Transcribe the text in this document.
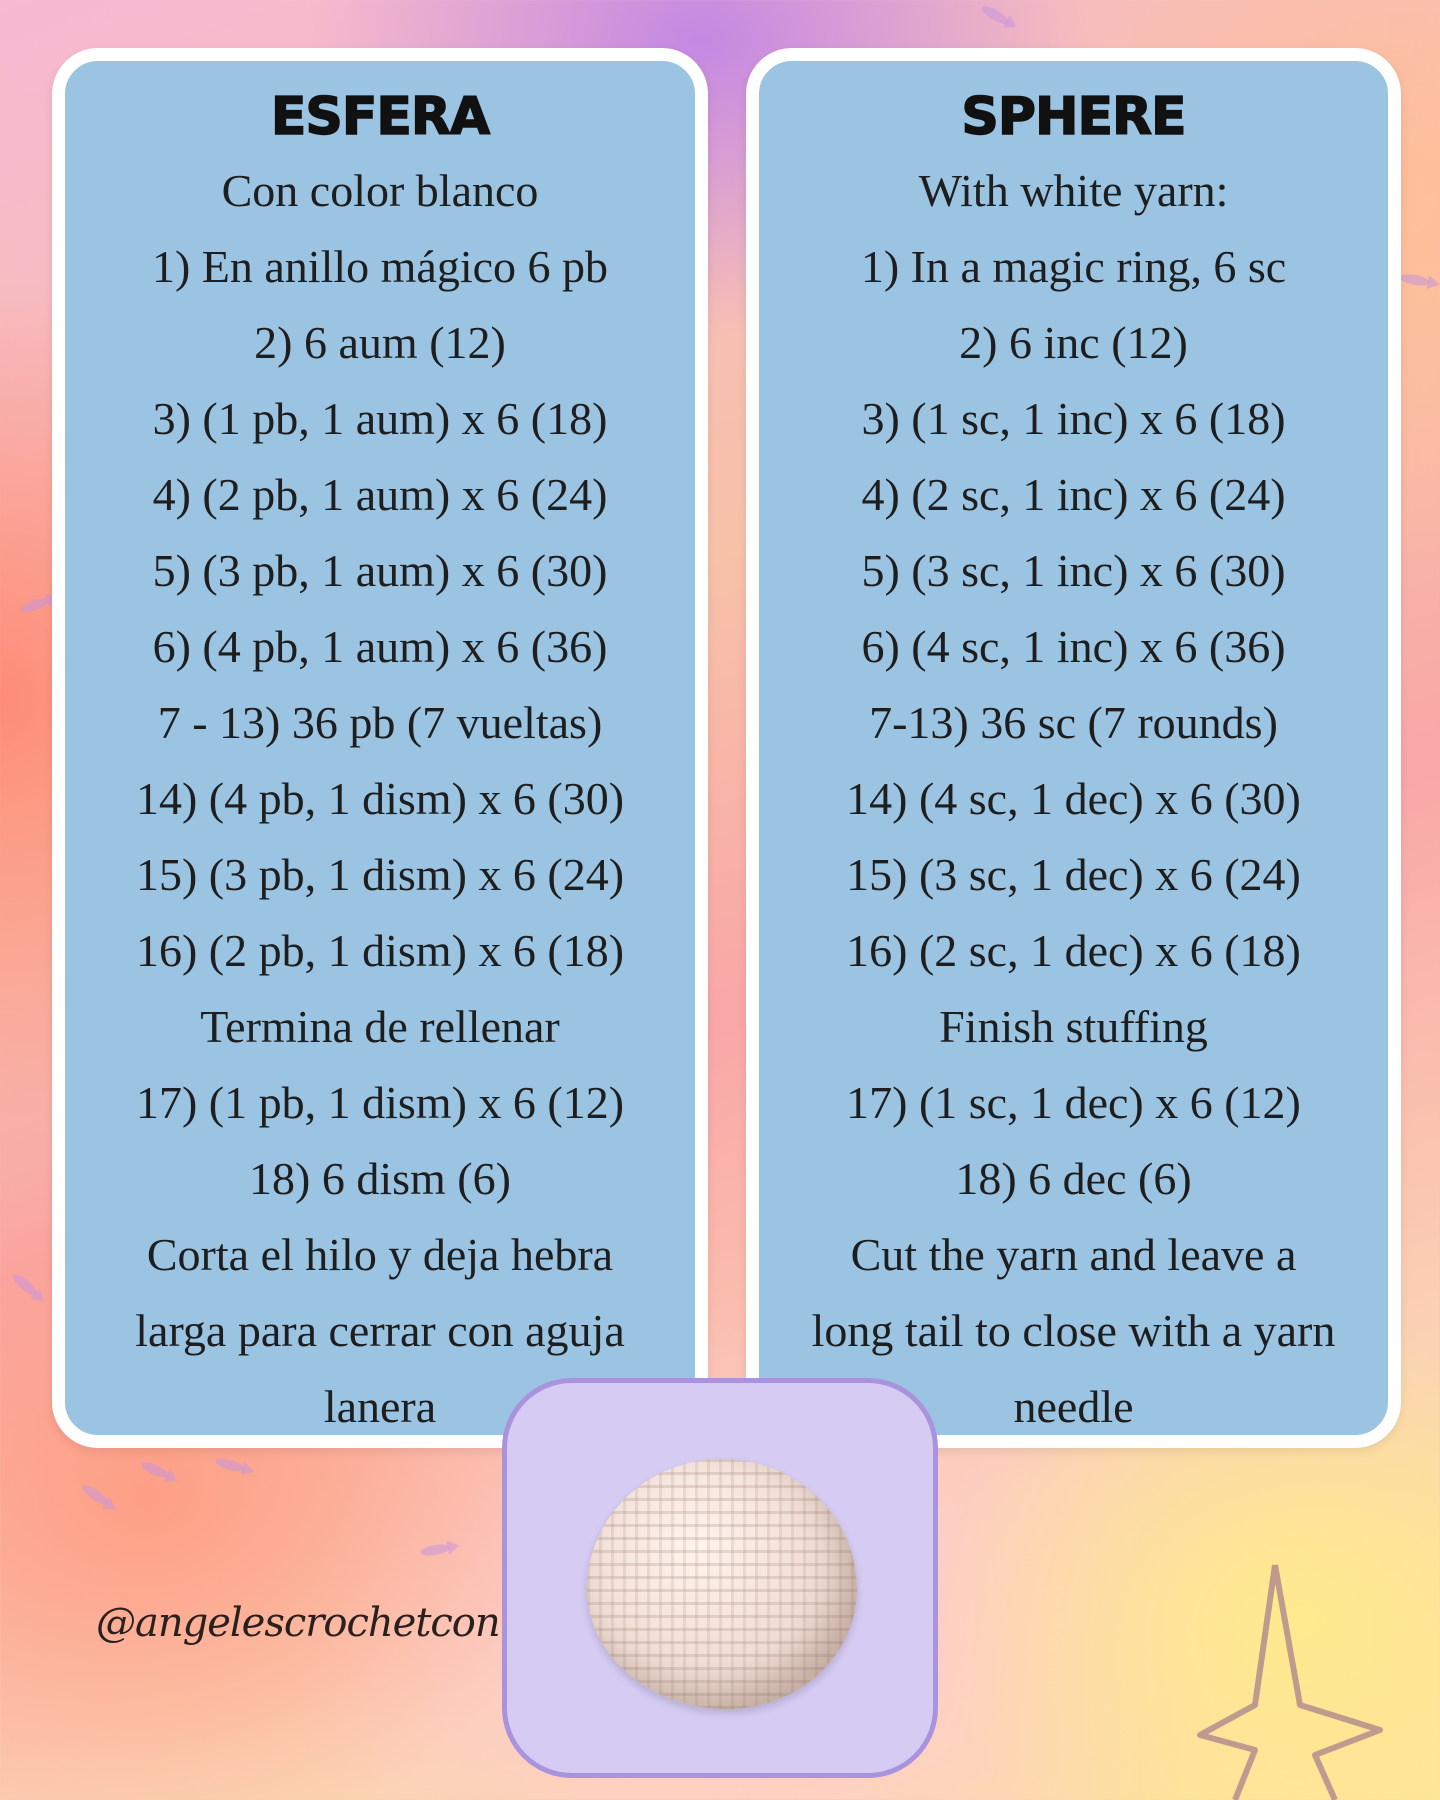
ESFERA
Con color blanco
1) En anillo mágico 6 pb
2) 6 aum (12)
3) (1 pb, 1 aum) x 6 (18)
4) (2 pb, 1 aum) x 6 (24)
5) (3 pb, 1 aum) x 6 (30)
6) (4 pb, 1 aum) x 6 (36)
7 - 13) 36 pb (7 vueltas)
14) (4 pb, 1 dism) x 6 (30)
15) (3 pb, 1 dism) x 6 (24)
16) (2 pb, 1 dism) x 6 (18)
Termina de rellenar
17) (1 pb, 1 dism) x 6 (12)
18) 6 dism (6)
Corta el hilo y deja hebra
larga para cerrar con aguja
lanera
SPHERE
With white yarn:
1) In a magic ring, 6 sc
2) 6 inc (12)
3) (1 sc, 1 inc) x 6 (18)
4) (2 sc, 1 inc) x 6 (24)
5) (3 sc, 1 inc) x 6 (30)
6) (4 sc, 1 inc) x 6 (36)
7-13) 36 sc (7 rounds)
14) (4 sc, 1 dec) x 6 (30)
15) (3 sc, 1 dec) x 6 (24)
16) (2 sc, 1 dec) x 6 (18)
Finish stuffing
17) (1 sc, 1 dec) x 6 (12)
18) 6 dec (6)
Cut the yarn and leave a
long tail to close with a yarn
needle
@angelescrochetcon
